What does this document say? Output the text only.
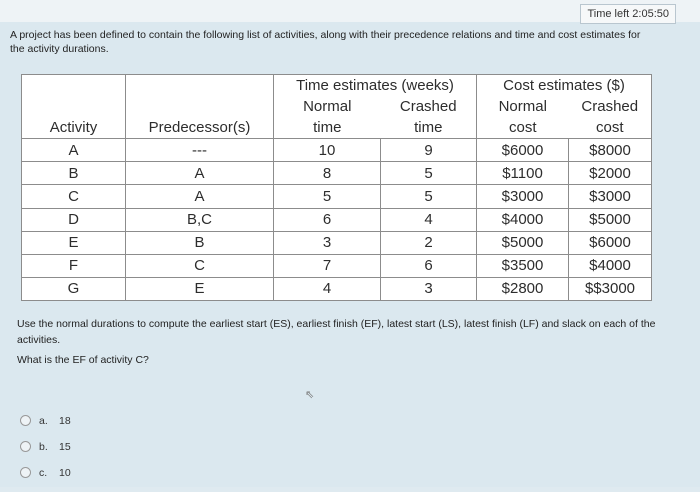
Time left 2:05:50
A project has been defined to contain the following list of activities, along with their precedence relations and time and cost estimates for the activity durations.
		Time estimates (weeks)		Cost estimates ($)	
		Normal	Crashed	Normal	Crashed
Activity	Predecessor(s)	time	time	cost	cost
A	---	10	9	$6000	$8000
B	A	8	5	$1100	$2000
C	A	5	5	$3000	$3000
D	B,C	6	4	$4000	$5000
E	B	3	2	$5000	$6000
F	C	7	6	$3500	$4000
G	E	4	3	$2800	$$3000
Use the normal durations to compute the earliest start (ES), earliest finish (EF), latest start (LS), latest finish (LF) and slack on each of the activities.
What is the EF of activity C?
⇖
a.	18
b.	15
c.	10
